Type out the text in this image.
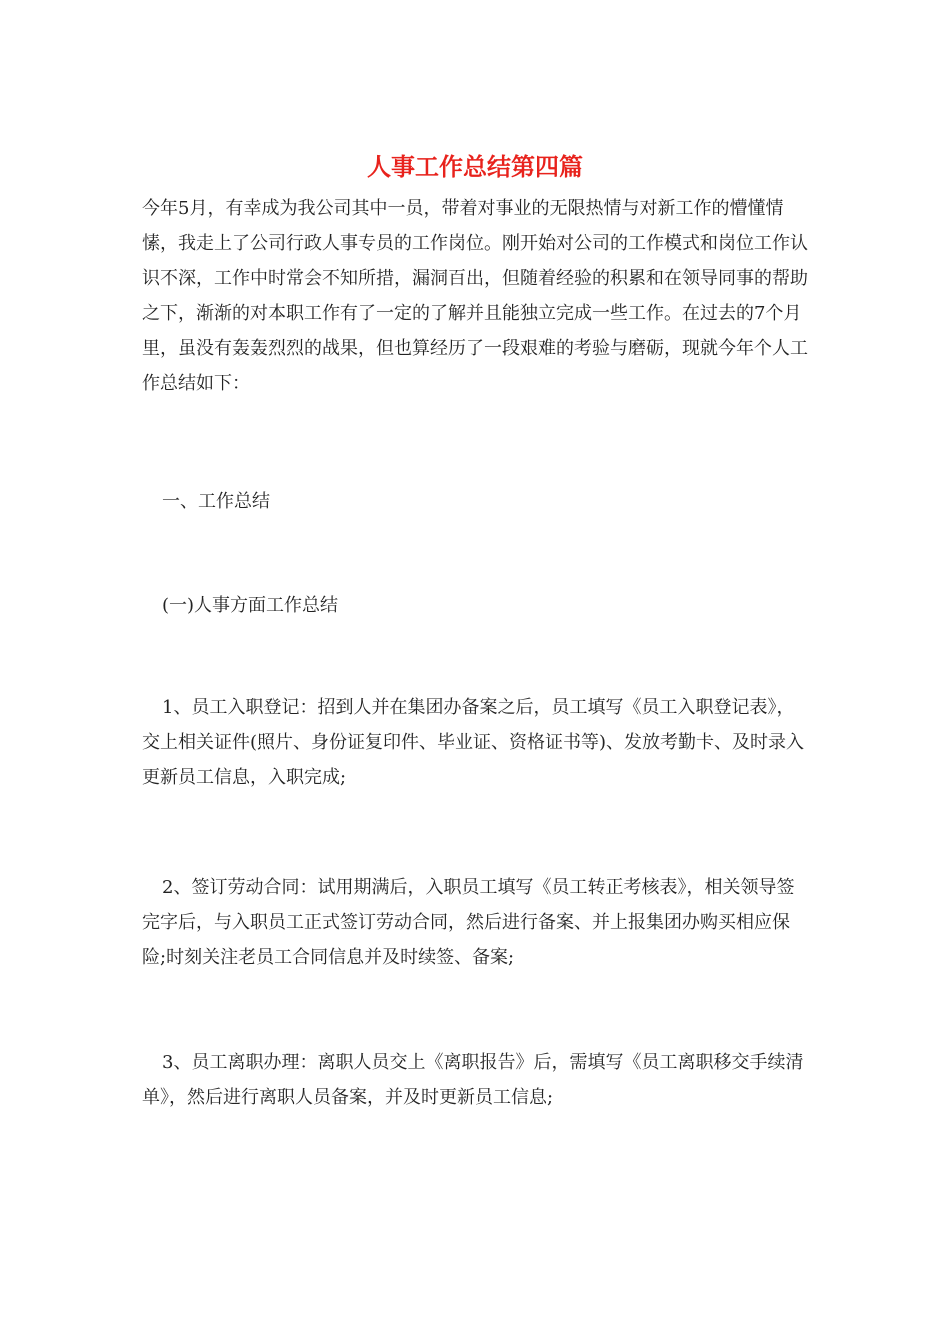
人事工作总结第四篇

今年5月，有幸成为我公司其中一员，带着对事业的无限热情与对新工作的懵懂情愫，我走上了公司行政人事专员的工作岗位。刚开始对公司的工作模式和岗位工作认识不深，工作中时常会不知所措，漏洞百出，但随着经验的积累和在领导同事的帮助之下，渐渐的对本职工作有了一定的了解并且能独立完成一些工作。在过去的7个月里，虽没有轰轰烈烈的战果，但也算经历了一段艰难的考验与磨砺，现就今年个人工作总结如下：

一、工作总结

(一)人事方面工作总结

1、员工入职登记：招到人并在集团办备案之后，员工填写《员工入职登记表》，交上相关证件(照片、身份证复印件、毕业证、资格证书等)、发放考勤卡、及时录入更新员工信息，入职完成;

2、签订劳动合同：试用期满后，入职员工填写《员工转正考核表》，相关领导签完字后，与入职员工正式签订劳动合同，然后进行备案、并上报集团办购买相应保险;时刻关注老员工合同信息并及时续签、备案;

3、员工离职办理：离职人员交上《离职报告》后，需填写《员工离职移交手续清单》，然后进行离职人员备案，并及时更新员工信息;
